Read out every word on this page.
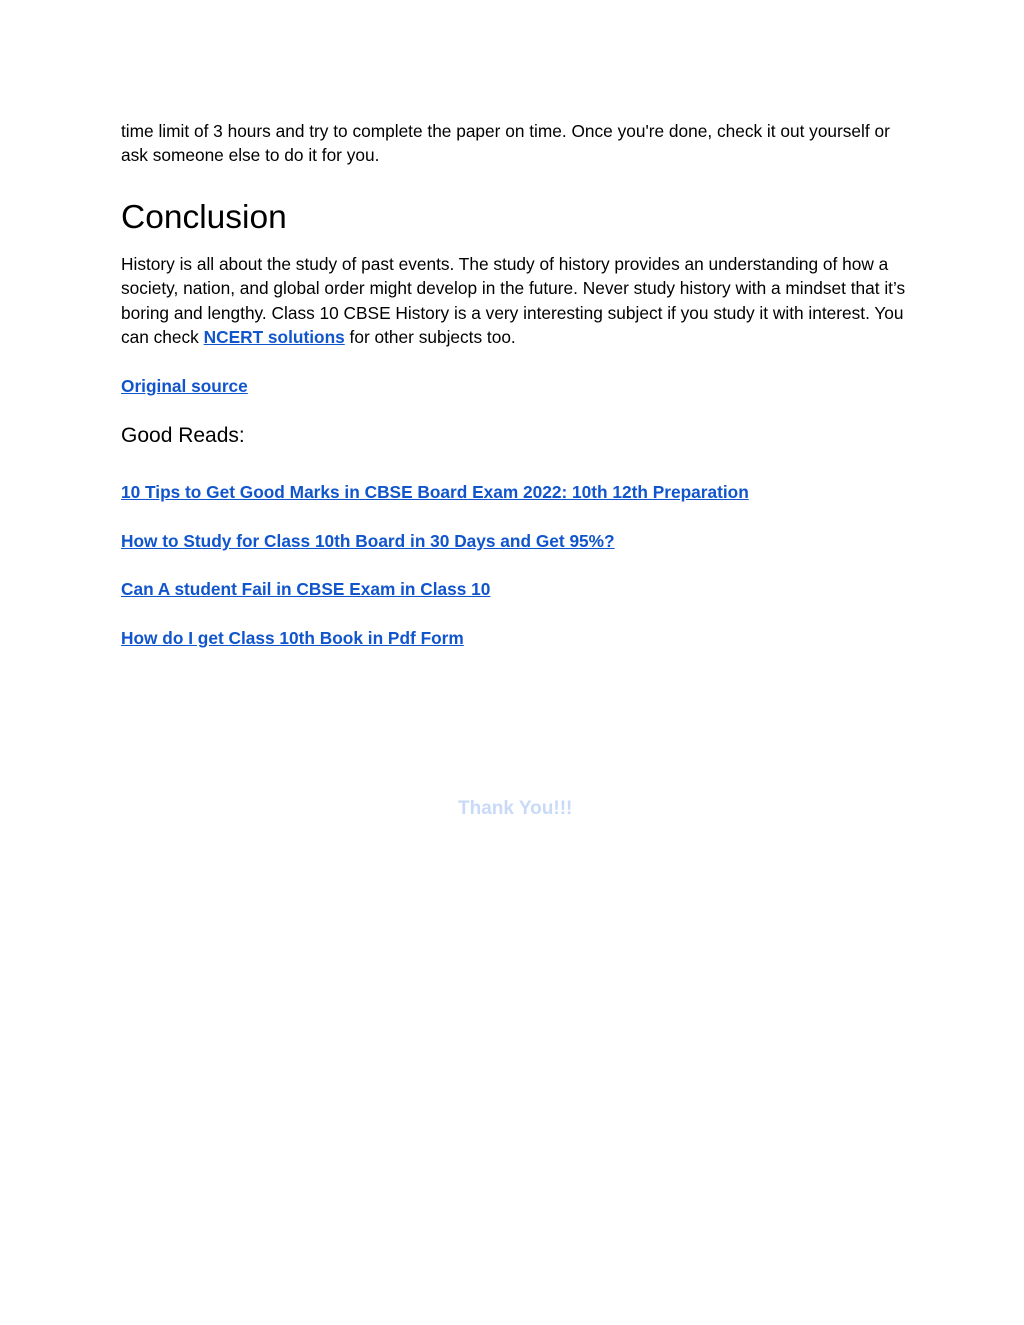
time limit of 3 hours and try to complete the paper on time. Once you're done, check it out yourself or ask someone else to do it for you.

Conclusion

History is all about the study of past events. The study of history provides an understanding of how a society, nation, and global order might develop in the future. Never study history with a mindset that it’s boring and lengthy. Class 10 CBSE History is a very interesting subject if you study it with interest. You can check NCERT solutions for other subjects too.

Original source

Good Reads:

10 Tips to Get Good Marks in CBSE Board Exam 2022: 10th 12th Preparation

How to Study for Class 10th Board in 30 Days and Get 95%?

Can A student Fail in CBSE Exam in Class 10

How do I get Class 10th Book in Pdf Form

Thank You!!!
